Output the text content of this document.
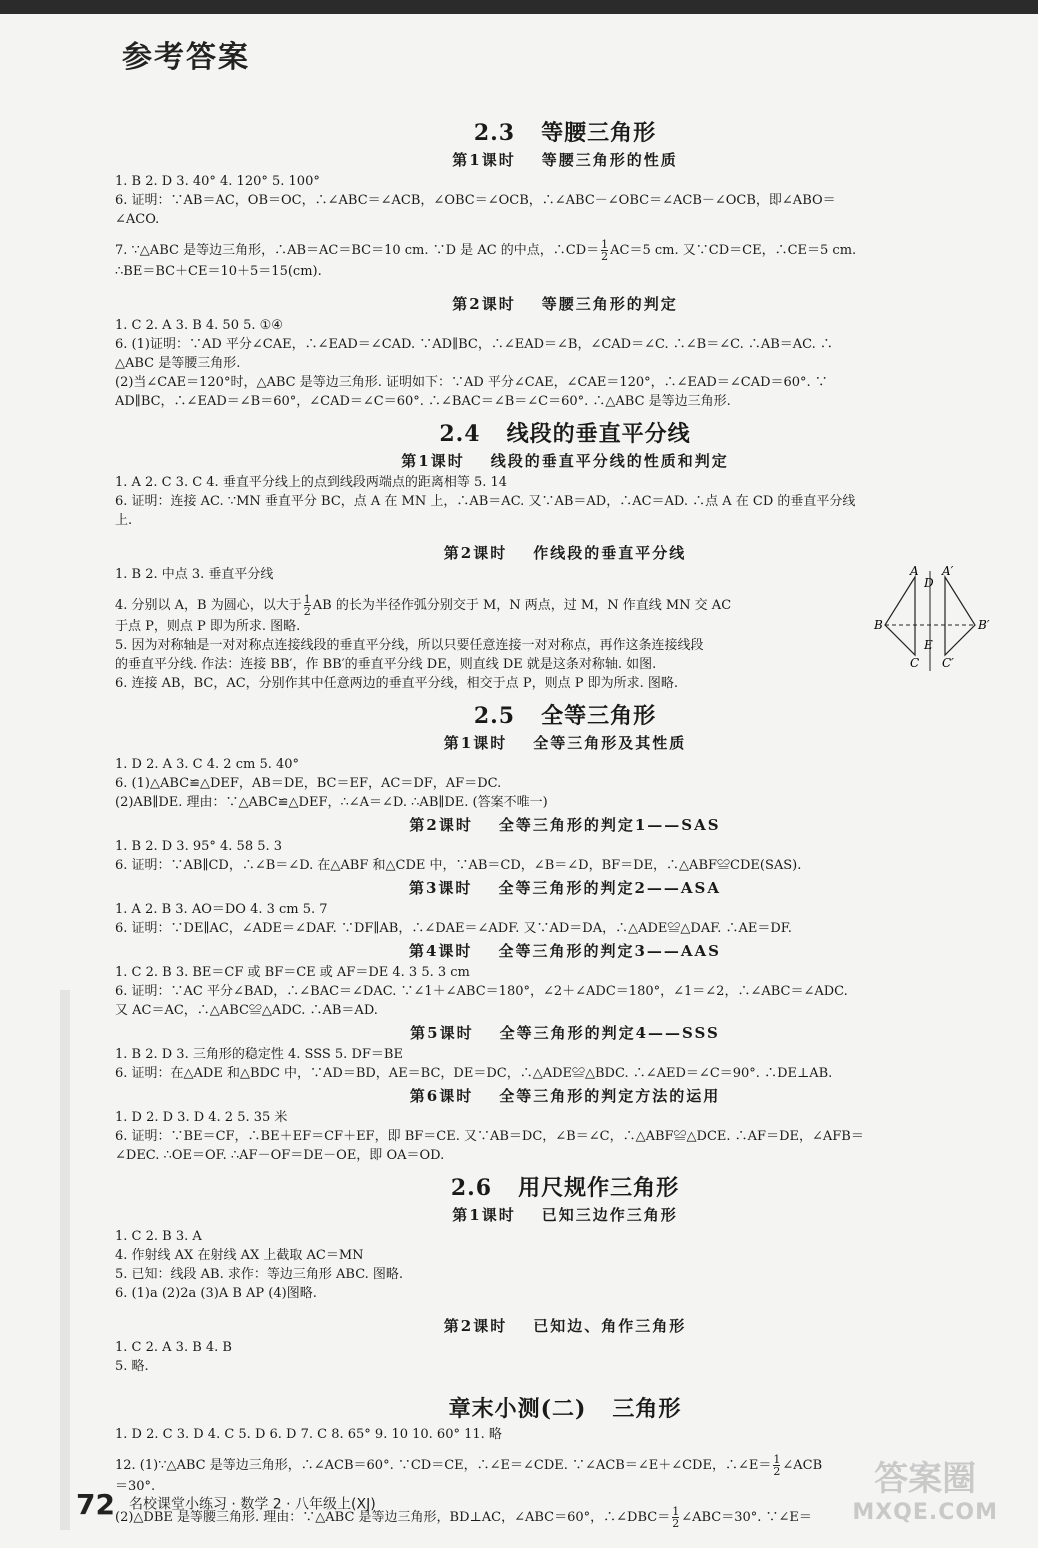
参考答案
2.3 等腰三角形
第1课时 等腰三角形的性质
1. B 2. D 3. 40° 4. 120° 5. 100°
6. 证明：∵AB＝AC，OB＝OC，∴∠ABC＝∠ACB，∠OBC＝∠OCB，∴∠ABC－∠OBC＝∠ACB－∠OCB，即∠ABO＝
∠ACO.
7. ∵△ABC 是等边三角形，∴AB＝AC＝BC＝10 cm. ∵D 是 AC 的中点，∴CD＝ $\frac{1}{2} AC=5$ cm. 又∵CD＝CE，∴CE＝5 cm.
∴BE＝BC＋CE＝10＋5＝15(cm).
第2课时 等腰三角形的判定
1. C 2. A 3. B 4. 50 5. ①④
6. (1)证明：∵AD 平分∠CAE，∴∠EAD＝∠CAD. ∵AD∥BC，∴∠EAD＝∠B，∠CAD＝∠C. ∴∠B＝∠C. ∴AB＝AC. ∴
△ABC 是等腰三角形.
(2)当∠CAE＝120°时，△ABC 是等边三角形. 证明如下：∵AD 平分∠CAE，∠CAE＝120°，∴∠EAD＝∠CAD＝60°. ∵
AD∥BC，∴∠EAD＝∠B＝60°，∠CAD＝∠C＝60°. ∴∠BAC＝∠B＝∠C＝60°. ∴△ABC 是等边三角形.
2.4 线段的垂直平分线
第1课时 线段的垂直平分线的性质和判定
1. A 2. C 3. C 4. 垂直平分线上的点到线段两端点的距离相等 5. 14
6. 证明：连接 AC. ∵MN 垂直平分 BC，点 A 在 MN 上，∴AB＝AC. 又∵AB＝AD，∴AC＝AD. ∴点 A 在 CD 的垂直平分线
上.
第2课时 作线段的垂直平分线
1. B 2. 中点 3. 垂直平分线
4. 分别以 A，B 为圆心，以大于 $\frac{1}{2}$ AB 的长为半径作弧分别交于 M，N 两点，过 M，N 作直线 MN 交 AC
于点 P，则点 P 即为所求. 图略.
5. 因为对称轴是一对对称点连接线段的垂直平分线，所以只要任意连接一对对称点，再作这条连接线段
的垂直平分线. 作法：连接 BB′，作 BB′的垂直平分线 DE，则直线 DE 就是这条对称轴. 如图.
6. 连接 AB，BC，AC，分别作其中任意两边的垂直平分线，相交于点 P，则点 P 即为所求. 图略.
2.5 全等三角形
第1课时 全等三角形及其性质
1. D 2. A 3. C 4. 2 cm 5. 40°
6. (1)△ABC≌△DEF，AB＝DE，BC＝EF，AC＝DF，AF＝DC.
(2)AB∥DE. 理由：∵△ABC≌△DEF，∴∠A＝∠D. ∴AB∥DE. (答案不唯一)
第2课时 全等三角形的判定1——SAS
1. B 2. D 3. 95° 4. 58 5. 3
6. 证明：∵AB∥CD，∴∠B＝∠D. 在△ABF 和△CDE 中，∵AB＝CD，∠B＝∠D，BF＝DE，∴△ABF≌CDE(SAS).
第3课时 全等三角形的判定2——ASA
1. A 2. B 3. AO＝DO 4. 3 cm 5. 7
6. 证明：∵DE∥AC，∠ADE＝∠DAF. ∵DF∥AB，∴∠DAE＝∠ADF. 又∵AD＝DA，∴△ADE≌△DAF. ∴AE＝DF.
第4课时 全等三角形的判定3——AAS
1. C 2. B 3. BE＝CF 或 BF＝CE 或 AF＝DE 4. 3 5. 3 cm
6. 证明：∵AC 平分∠BAD，∴∠BAC＝∠DAC. ∵∠1＋∠ABC＝180°，∠2＋∠ADC＝180°，∠1＝∠2，∴∠ABC＝∠ADC.
又 AC＝AC，∴△ABC≌△ADC. ∴AB＝AD.
第5课时 全等三角形的判定4——SSS
1. B 2. D 3. 三角形的稳定性 4. SSS 5. DF＝BE
6. 证明：在△ADE 和△BDC 中，∵AD＝BD，AE＝BC，DE＝DC，∴△ADE≌△BDC. ∴∠AED＝∠C＝90°. ∴DE⊥AB.
第6课时 全等三角形的判定方法的运用
1. D 2. D 3. D 4. 2 5. 35 米
6. 证明：∵BE＝CF，∴BE＋EF＝CF＋EF，即 BF＝CE. 又∵AB＝DC，∠B＝∠C，∴△ABF≌△DCE. ∴AF＝DE，∠AFB＝
∠DEC. ∴OE＝OF. ∴AF－OF＝DE－OE，即 OA＝OD.
2.6 用尺规作三角形
第1课时 已知三边作三角形
1. C 2. B 3. A
4. 作射线 AX 在射线 AX 上截取 AC＝MN
5. 已知：线段 AB. 求作：等边三角形 ABC. 图略.
6. (1)a (2)2a (3)A B AP (4)图略.
第2课时 已知边、角作三角形
1. C 2. A 3. B 4. B
5. 略.
章末小测(二) 三角形
1. D 2. C 3. D 4. C 5. D 6. D 7. C 8. 65° 9. 10 10. 60° 11. 略
12. (1)∵△ABC 是等边三角形，∴∠ACB＝60°. ∵CD＝CE，∴∠E＝∠CDE. ∵∠ACB＝∠E＋∠CDE，∴∠E＝ $\frac{1}{2}$ ∠ACB
＝30°.
(2)△DBE 是等腰三角形. 理由：∵△ABC 是等边三角形，BD⊥AC，∠ABC＝60°，∴∠DBC＝ $\frac{1}{2}$ ∠ABC＝30°. ∵∠E＝
A
D
A′
B
E
B′
C C′
72 名校课堂小练习 · 数学 2 · 八年级上(XJ)
答案圈
MXQE.COM
